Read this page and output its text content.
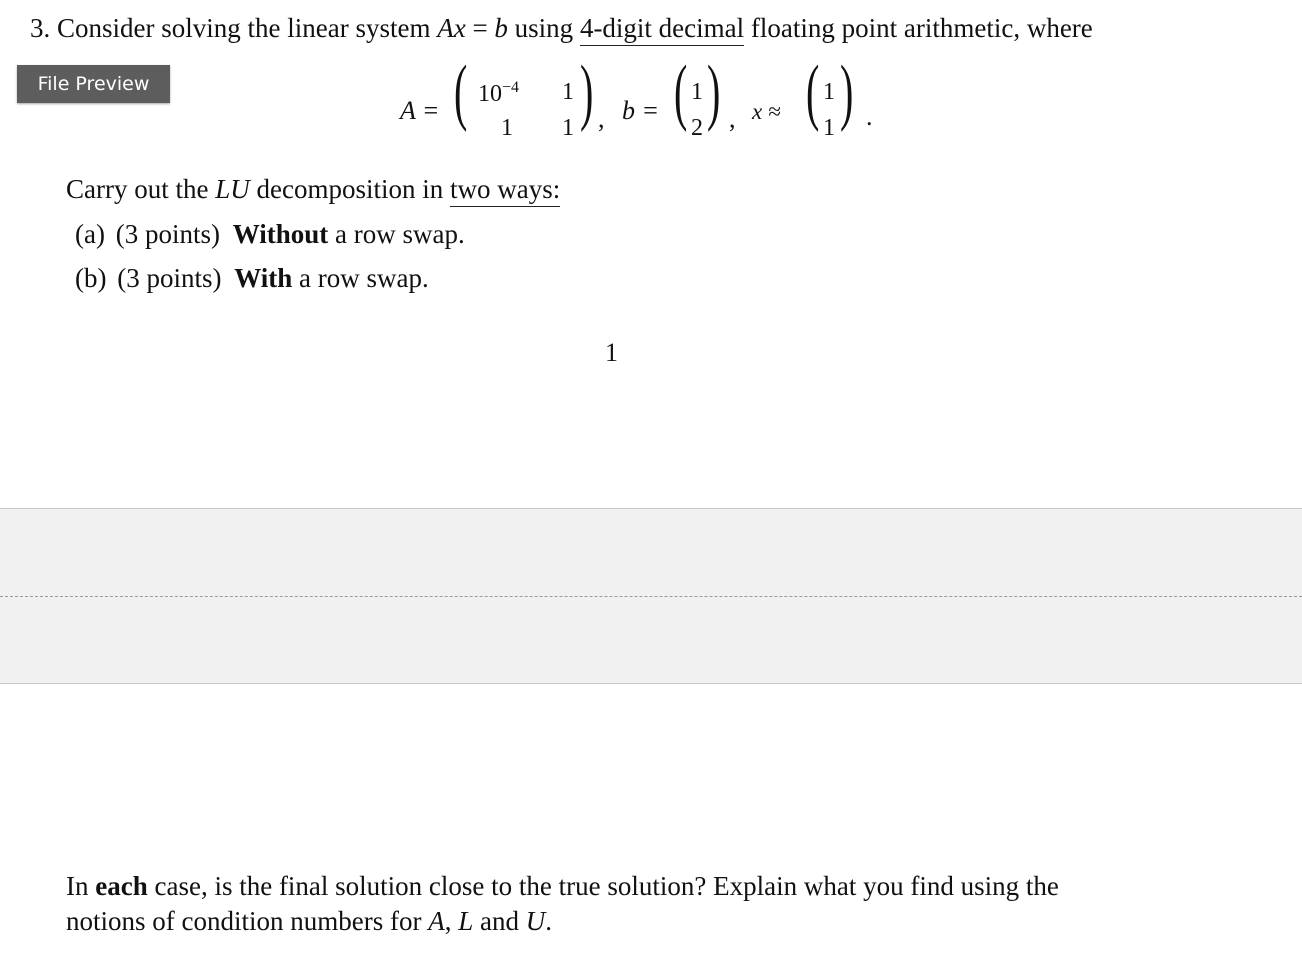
3. Consider solving the linear system Ax = b using 4-digit decimal floating point arithmetic, where
File Preview
A = ( $10^{-4}$ 1
1 1 ) , b = ( 1
2 ) , x ≈ ( 1
1 ) .
Carry out the LU decomposition in two ways:
(a) (3 points) Without a row swap.
(b) (3 points) With a row swap.
1
In each case, is the final solution close to the true solution? Explain what you find using the
notions of condition numbers for A, L and U.
